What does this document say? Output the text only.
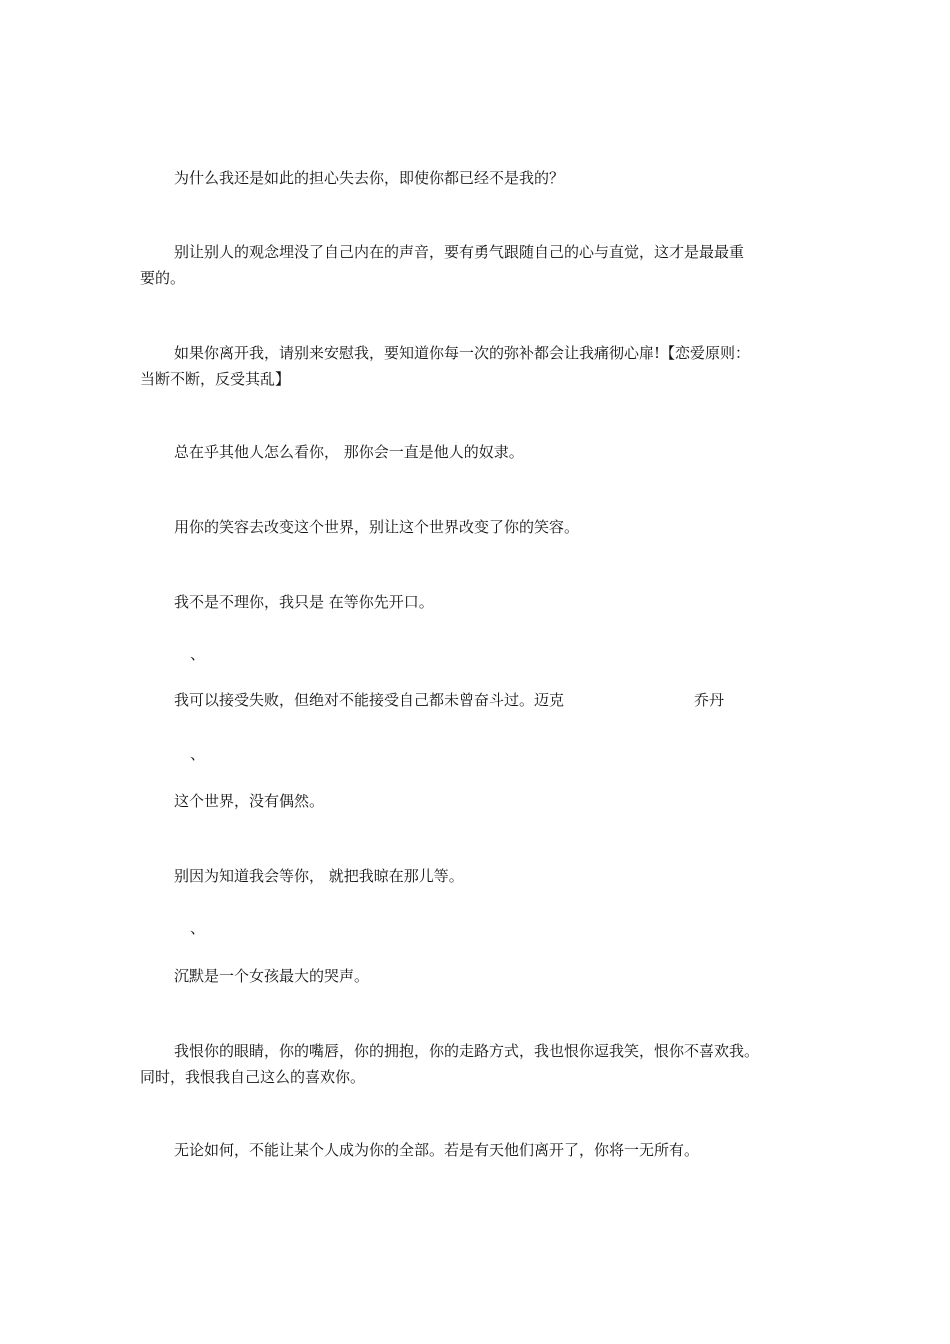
为什么我还是如此的担心失去你，即使你都已经不是我的？
别让别人的观念埋没了自己内在的声音，要有勇气跟随自己的心与直觉，这才是最最重
要的。
如果你离开我，请别来安慰我，要知道你每一次的弥补都会让我痛彻心扉!【恋爱原则：
当断不断，反受其乱】
总在乎其他人怎么看你， 那你会一直是他人的奴隶。
用你的笑容去改变这个世界，别让这个世界改变了你的笑容。
我不是不理你，我只是 在等你先开口。
、
我可以接受失败，但绝对不能接受自己都未曾奋斗过。迈克	乔丹
、
这个世界，没有偶然。
别因为知道我会等你， 就把我晾在那儿等。
、
沉默是一个女孩最大的哭声。
我恨你的眼睛，你的嘴唇，你的拥抱，你的走路方式，我也恨你逗我笑，恨你不喜欢我。
同时，我恨我自己这么的喜欢你。
无论如何，不能让某个人成为你的全部。若是有天他们离开了，你将一无所有。
